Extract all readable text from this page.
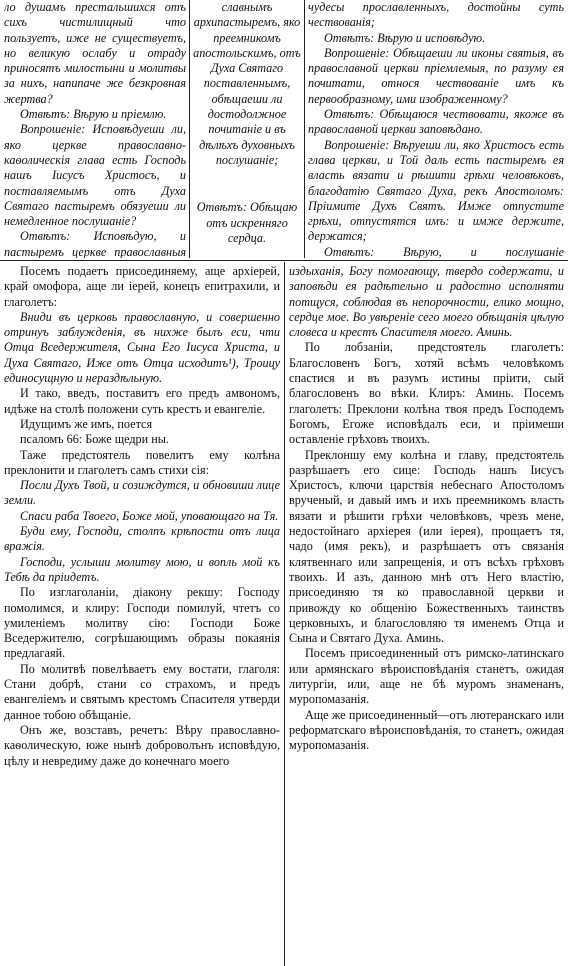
ло душамъ престальшихся отъ сихъ чистилищный что пользуетъ, иже не существуетъ, но великую ослабу и отраду приносятъ милостыни и молитвы за нихъ, напипаче же безкровная жертва?

Отвѣтъ: Вѣрую и пріемлю.

Вопрошеніе: Исповѣдуеши ли, яко церкве православно-каѳолическія глава есть Господь нашъ Іисусъ Христосъ, и поставляемымъ отъ Духа Святаго пастыремъ обязуеши ли немедленное послушаніе?

Отвѣтъ: Исповѣдую, и пастыремъ церкве православныя

славнымъ архипастыремъ, яко преемникомъ апостольскимъ, отъ Духа Святаго поставленнымъ, обѣщаеши ли достодолжное почитаніе и въ дѣлѣхъ духовныхъ послушаніе;

Отвѣтъ: Обѣщаю отъ искренняго сердца.

чудесы прославленныхъ, достойны суть чествованія;

Отвѣтъ: Вѣрую и исповѣдую.

Вопрошеніе: Обѣщаеши ли иконы святыя, въ православной церкви пріемлемыя, по разуму ея почитати, относя чествованіе имъ къ первообразному, ими изображенному?

Отвѣтъ: Обѣщаюся чествовати, якоже въ православной церкви заповѣдано.

Вопрошеніе: Вѣруеши ли, яко Христосъ есть глава церкви, и Той даль есть пастыремъ ея власть вязати и рѣшити грѣхи человѣковъ, благодатію Святаго Духа, рекъ Апостоломъ: Пріимите Духъ Святъ. Имже отпустите грѣхи, отпустятся имъ: и имже держите, держатся;

Отвѣтъ: Вѣрую, и послушаніе

Посемъ подаетъ присоединяему, аще архіерей, край омофора, аще ли іерей, конецъ епитрахили, и глаголетъ:

Вниди въ церковь православную, и совершенно отринуъ заблужденія, въ нихже былъ еси, чти Отца Вседержителя, Сына Его Іисуса Христа, и Духа Святаго, Иже отъ Отца исходитъ¹), Троицу единосущную и нераздѣльную.

И тако, введъ, поставитъ его предъ амвономъ, идѣже на столѣ положени суть крестъ и евангеліе.

Идущимъ же имъ, поется

псаломъ 66: Боже щедри ны.

Таже предстоятель повелитъ ему колѣна преклонити и глаголетъ самъ стихи сія:

Посли Духъ Твой, и созиждутся, и обновиши лице земли.

Спаси раба Твоего, Боже мой, уповающаго на Тя.

Буди ему, Господи, столпъ крѣпости отъ лица вражія.

Господи, услыши молитву мою, и вопль мой къ Тебѣ да пріидетъ.

По изглаголаніи, діакону рекшу: Господу помолимся, и клиру: Господи помилуй, чтетъ со умиленіемъ молитву сію: Господи Боже Вседержителю, согрѣшающимъ образы покаянія предлагаяй.

По молитвѣ повелѣваетъ ему востати, глаголя: Стани добрѣ, стани со страхомъ, и предъ евангеліемъ и святымъ крестомъ Спасителя утверди данное тобою обѣщаніе.

Онъ же, возставъ, речетъ: Вѣру православно-каѳолическую, юже нынѣ доброволънъ исповѣдую, цѣлу и невредиму даже до конечнаго моего

издыханія, Богу помогающу, твердо содержати, и заповѣди ея радѣтельно и радостно исполняти потщуся, соблюдая въ непорочности, елико мощно, сердце мое. Во увѣреніе сего моего обѣщанія цѣлую словеса и крестъ Спасителя моего. Аминь.

По лобзаніи, предстоятель глаголетъ: Благословенъ Богъ, хотяй всѣмъ человѣкомъ спастися и въ разумъ истины пріити, сый благословенъ во вѣки. Клиръ: Аминь. Посемъ глаголетъ: Преклони колѣна твоя предъ Господемъ Богомъ, Егоже исповѣдалъ еси, и пріимеши оставленіе грѣховъ твоихъ.

Преклоншу ему колѣна и главу, предстоятель разрѣшаетъ его сице: Господь нашъ Іисусъ Христосъ, ключи царствія небеснаго Апостоломъ врученый, и давый имъ и ихъ преемникомъ власть вязати и рѣшити грѣхи человѣковъ, чрезъ мене, недостойнаго архіерея (или іерея), прощаетъ тя, чадо (имя рекъ), и разрѣшаетъ отъ связанія клятвеннаго или запрещенія, и отъ всѣхъ грѣховъ твоихъ. И азъ, данною мнѣ отъ Него властію, присоединяю тя ко православной церкви и привожду ко общенію Божественныхъ таинствъ церковныхъ, и благословляю тя именемъ Отца и Сына и Святаго Духа. Аминь.

Посемъ присоединенный отъ римско-латинскаго или армянскаго вѣроисповѣданія станетъ, ожидая литургіи, или, аще не бѣ муромъ знаменанъ, муропомазанія.

Аще же присоединенный—отъ лютеранскаго или реформатскаго вѣроисповѣданія, то станетъ, ожидая муропомазанія.
